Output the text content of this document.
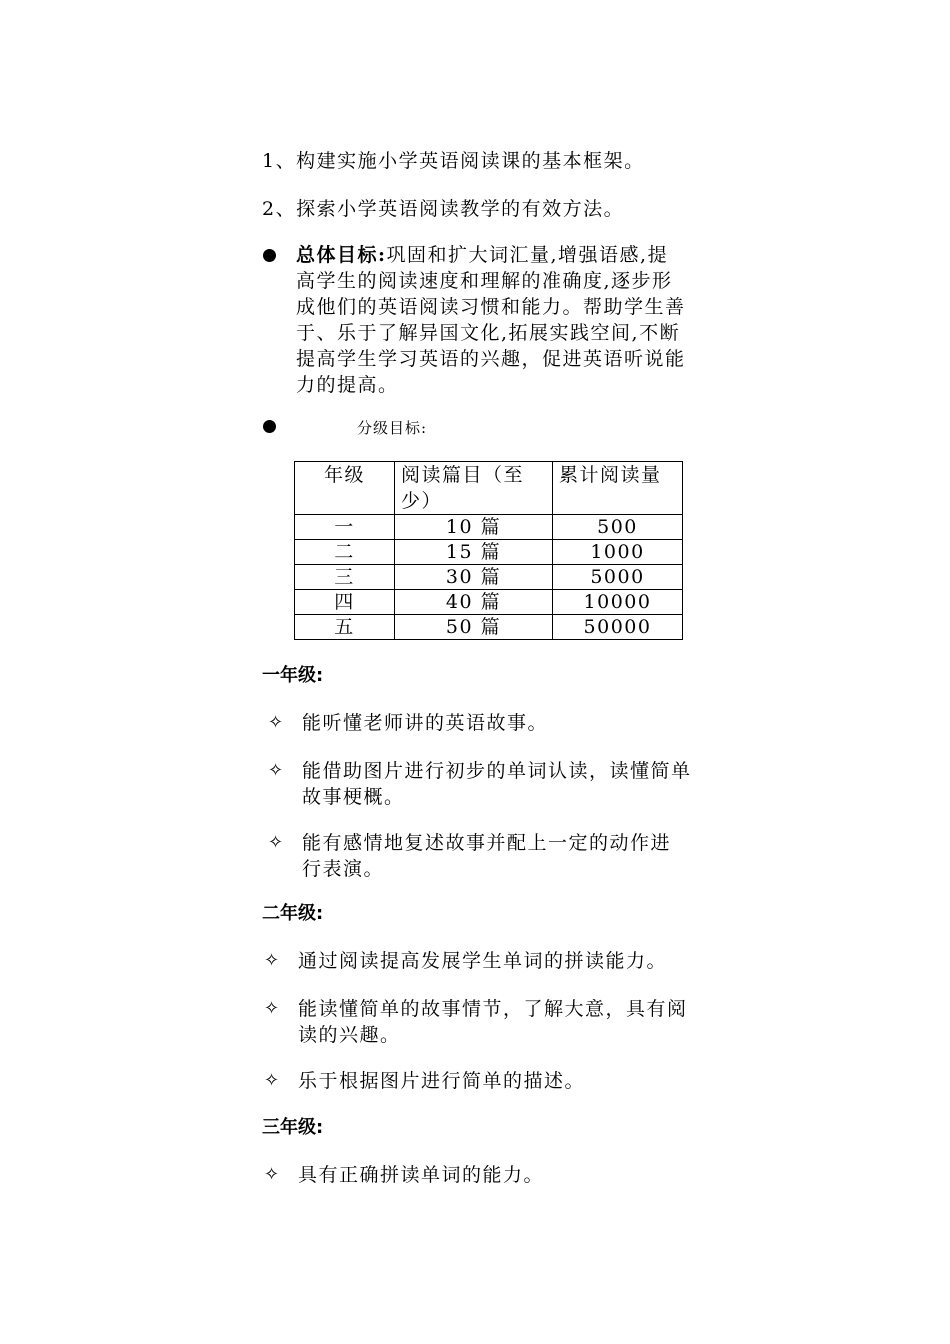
1、构建实施小学英语阅读课的基本框架。
2、探索小学英语阅读教学的有效方法。
总体目标:巩固和扩大词汇量,增强语感,提
高学生的阅读速度和理解的准确度,逐步形
成他们的英语阅读习惯和能力。帮助学生善
于、乐于了解异国文化,拓展实践空间,不断
提高学生学习英语的兴趣，促进英语听说能
力的提高。
分级目标:
年级	阅读篇目（至少）	累计阅读量
一	10 篇	500
二	15 篇	1000
三	30 篇	5000
四	40 篇	10000
五	50 篇	50000
一年级:
✧ 能听懂老师讲的英语故事。
✧ 能借助图片进行初步的单词认读，读懂简单
故事梗概。
✧ 能有感情地复述故事并配上一定的动作进
行表演。
二年级:
✧ 通过阅读提高发展学生单词的拼读能力。
✧ 能读懂简单的故事情节，了解大意，具有阅
读的兴趣。
✧ 乐于根据图片进行简单的描述。
三年级:
✧ 具有正确拼读单词的能力。
